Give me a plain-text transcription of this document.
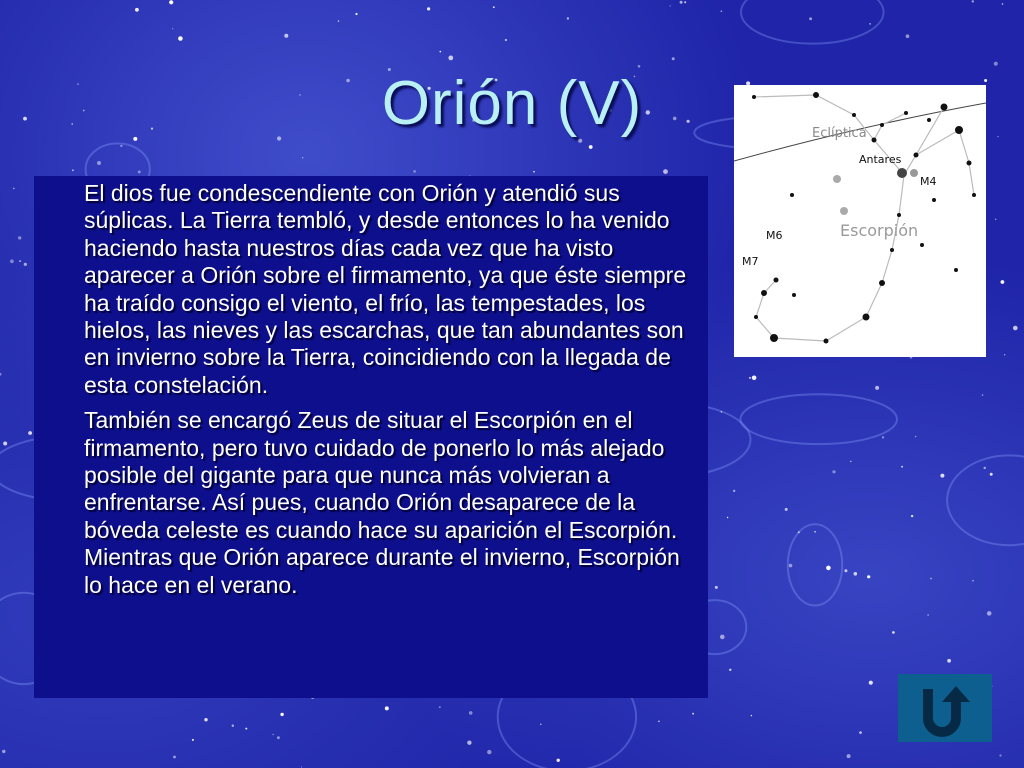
Orión (V)

El dios fue condescendiente con Orión y atendió sus súplicas. La Tierra tembló, y desde entonces lo ha venido haciendo hasta nuestros días cada vez que ha visto aparecer a Orión sobre el firmamento, ya que éste siempre ha traído consigo el viento, el frío, las tempestades, los hielos, las nieves y las escarchas, que tan abundantes son en invierno sobre la Tierra, coincidiendo con la llegada de esta constelación.

También se encargó Zeus de situar el Escorpión en el firmamento, pero tuvo cuidado de ponerlo lo más alejado posible del gigante para que nunca más volvieran a enfrentarse. Así pues, cuando Orión desaparece de la bóveda celeste es cuando hace su aparición el Escorpión. Mientras que Orión aparece durante el invierno, Escorpión lo hace en el verano.

Eclíptica
Antares
M4
Escorpión
M6
M7
